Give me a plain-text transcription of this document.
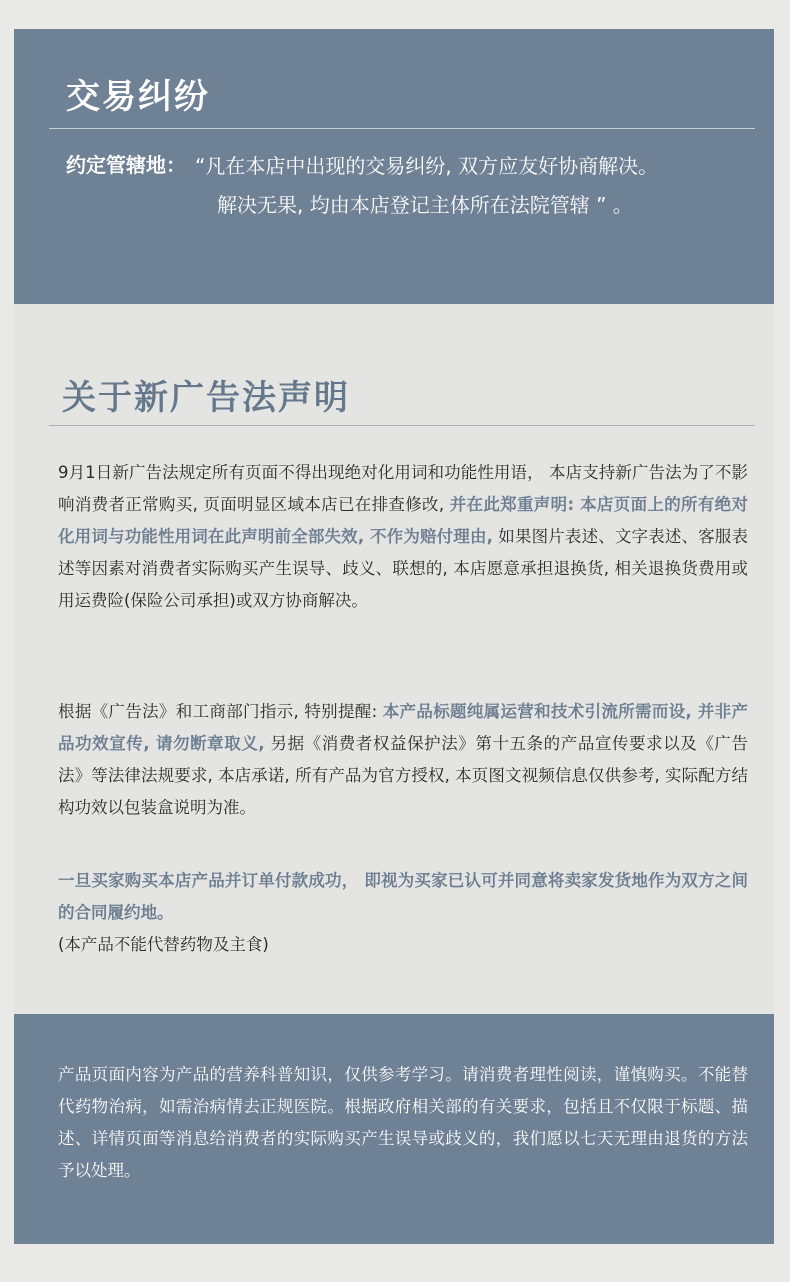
交易纠纷
约定管辖地： “凡在本店中出现的交易纠纷, 双方应友好协商解决。
解决无果, 均由本店登记主体所在法院管辖 ” 。
关于新广告法声明

9月1日新广告法规定所有页面不得出现绝对化用词和功能性用语， 本店支持新广告法为了不影响消费者正常购买, 页面明显区域本店已在排查修改, 并在此郑重声明: 本店页面上的所有绝对化用词与功能性用词在此声明前全部失效, 不作为赔付理由, 如果图片表述、文字表述、客服表述等因素对消费者实际购买产生误导、歧义、联想的, 本店愿意承担退换货, 相关退换货费用或用运费险(保险公司承担)或双方协商解决。

根据《广告法》和工商部门指示, 特别提醒: 本产品标题纯属运营和技术引流所需而设, 并非产品功效宣传, 请勿断章取义, 另据《消费者权益保护法》第十五条的产品宣传要求以及《广告法》等法律法规要求, 本店承诺, 所有产品为官方授权, 本页图文视频信息仅供参考, 实际配方结构功效以包装盒说明为准。

一旦买家购买本店产品并订单付款成功， 即视为买家已认可并同意将卖家发货地作为双方之间的合同履约地。
(本产品不能代替药物及主食)

产品页面内容为产品的营养科普知识，仅供参考学习。请消费者理性阅读，谨慎购买。不能替代药物治病，如需治病情去正规医院。根据政府相关部的有关要求，包括且不仅限于标题、描述、详情页面等消息给消费者的实际购买产生误导或歧义的，我们愿以七天无理由退货的方法予以处理。
